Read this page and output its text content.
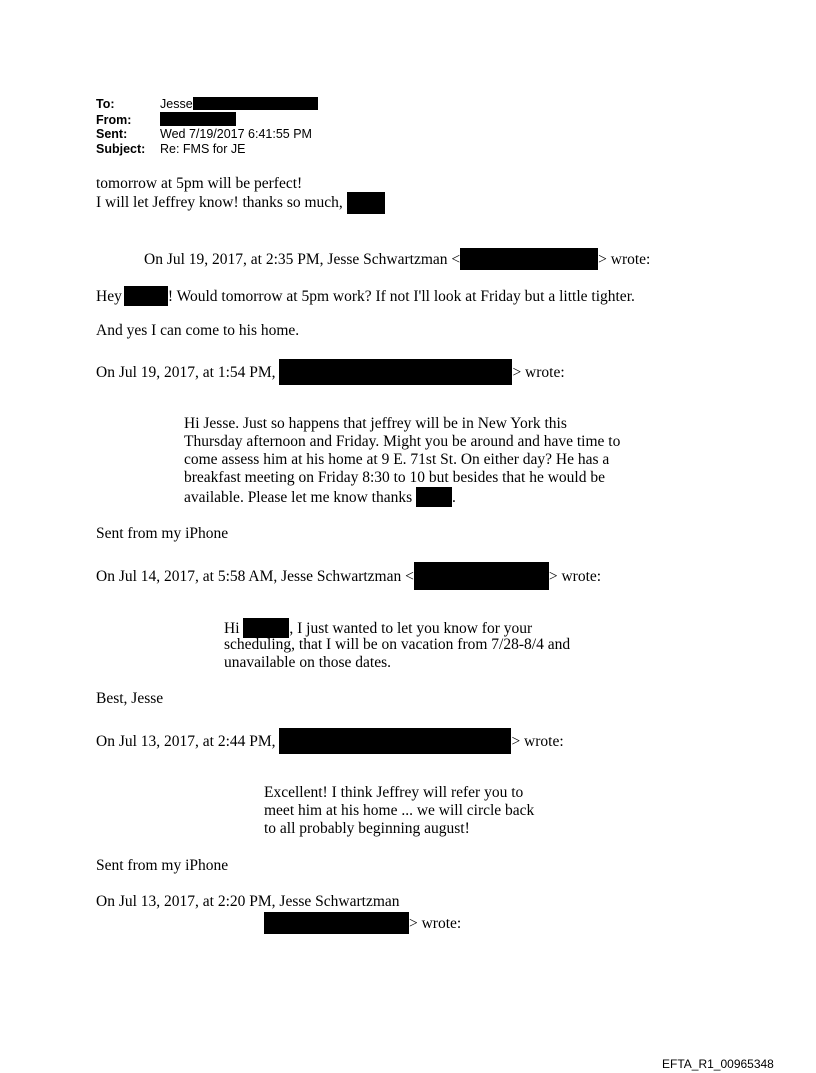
To:	Jesse
From:
Sent:	Wed 7/19/2017 6:41:55 PM
Subject: Re: FMS for JE
tomorrow at 5pm will be perfect!
I will let Jeffrey know! thanks so much,
On Jul 19, 2017, at 2:35 PM, Jesse Schwartzman <	> wrote:
Hey	! Would tomorrow at 5pm work? If not I'll look at Friday but a little tighter.
And yes I can come to his home.
On Jul 19, 2017, at 1:54 PM,	> wrote:
Hi Jesse. Just so happens that jeffrey will be in New York this
Thursday afternoon and Friday. Might you be around and have time to
come assess him at his home at 9 E. 71st St. On either day? He has a
breakfast meeting on Friday 8:30 to 10 but besides that he would be
available. Please let me know thanks	.
Sent from my iPhone
On Jul 14, 2017, at 5:58 AM, Jesse Schwartzman <	> wrote:
Hi	, I just wanted to let you know for your
scheduling, that I will be on vacation from 7/28-8/4 and
unavailable on those dates.
Best, Jesse
On Jul 13, 2017, at 2:44 PM,	> wrote:
Excellent! I think Jeffrey will refer you to
meet him at his home ... we will circle back
to all probably beginning august!
Sent from my iPhone
On Jul 13, 2017, at 2:20 PM, Jesse Schwartzman
> wrote:
EFTA_R1_00965348
